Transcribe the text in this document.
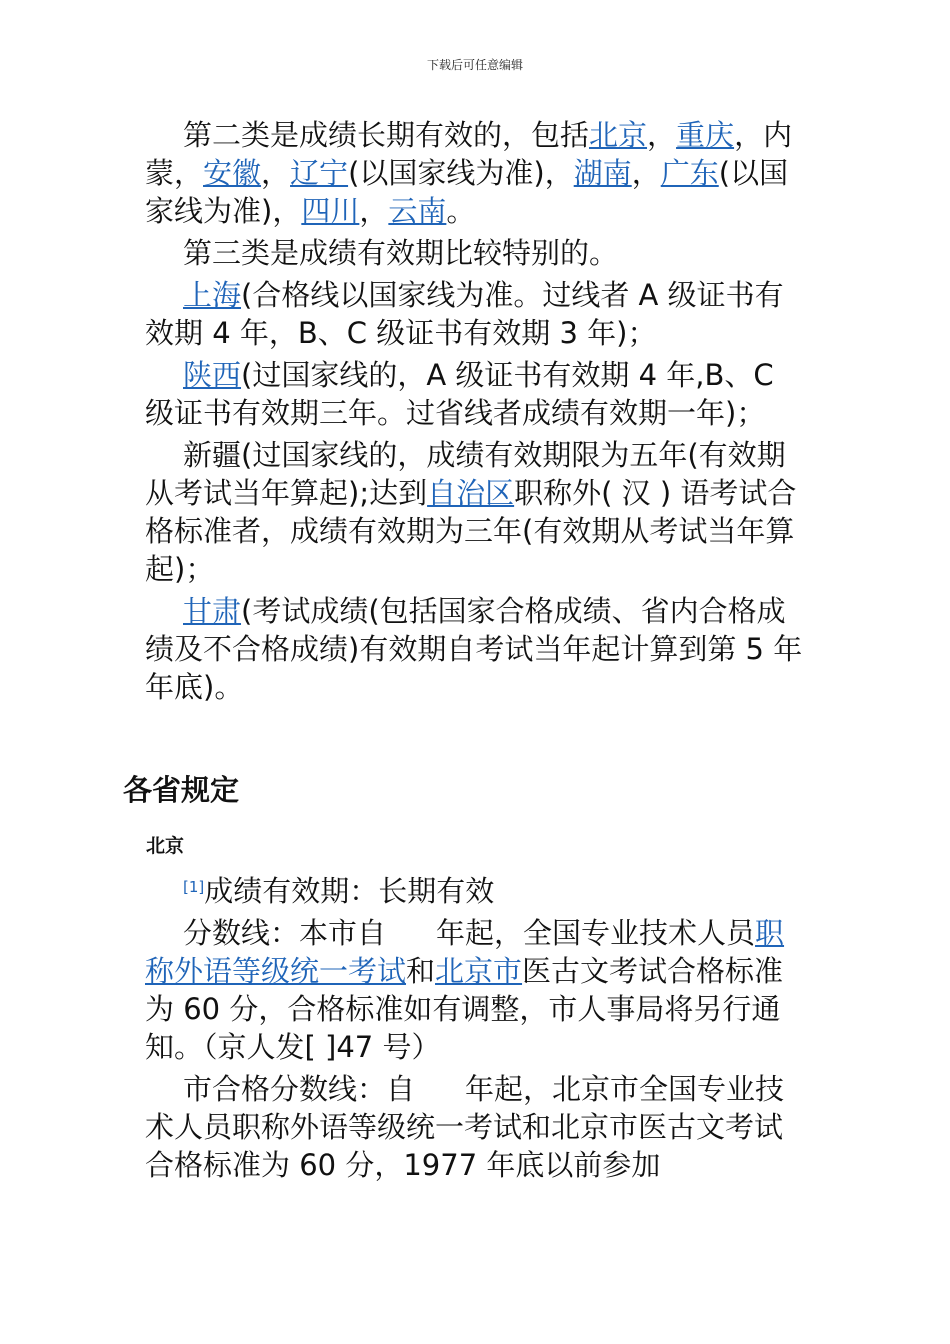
下载后可任意编辑

第二类是成绩长期有效的，包括北京，重庆，内蒙，安徽，辽宁(以国家线为准)，湖南，广东(以国家线为准)，四川，云南。

第三类是成绩有效期比较特别的。

上海(合格线以国家线为准。过线者 A 级证书有效期 4 年，B、C 级证书有效期 3 年)；

陕西(过国家线的，A 级证书有效期 4 年,B、C 级证书有效期三年。过省线者成绩有效期一年)；

新疆(过国家线的，成绩有效期限为五年(有效期从考试当年算起);达到自治区职称外( 汉 ) 语考试合格标准者，成绩有效期为三年(有效期从考试当年算起)；

甘肃(考试成绩(包括国家合格成绩、省内合格成绩及不合格成绩)有效期自考试当年起计算到第 5 年年底)。

各省规定
北京

[1]成绩有效期：长期有效

分数线：本市自 年起，全国专业技术人员职称外语等级统一考试和北京市医古文考试合格标准为 60 分，合格标准如有调整，市人事局将另行通知。（京人发[ ]47 号）

市合格分数线：自 年起，北京市全国专业技术人员职称外语等级统一考试和北京市医古文考试合格标准为 60 分，1977 年底以前参加
